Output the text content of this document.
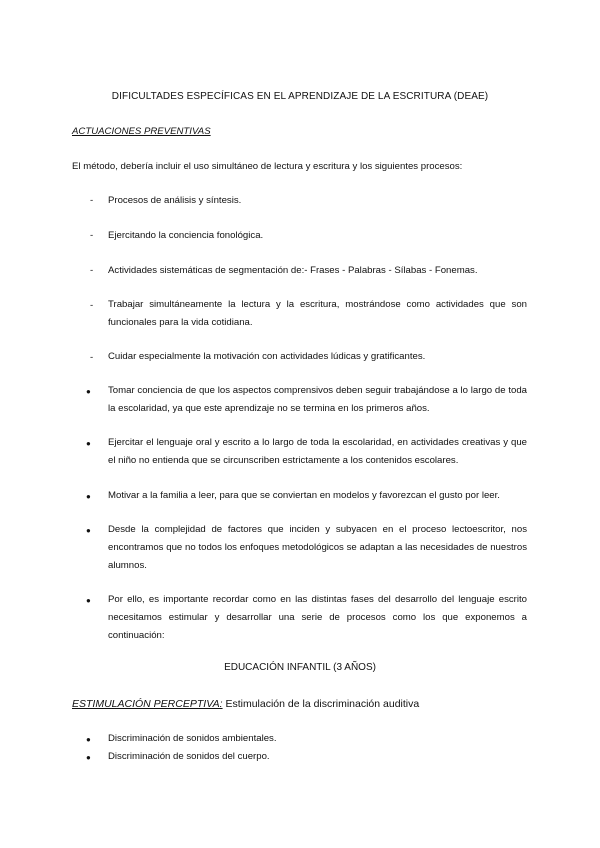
DIFICULTADES ESPECÍFICAS EN EL APRENDIZAJE DE LA ESCRITURA (DEAE)
ACTUACIONES PREVENTIVAS
El método, debería incluir el uso simultáneo de lectura y escritura y los siguientes procesos:
- Procesos de análisis y síntesis.
- Ejercitando la conciencia fonológica.
- Actividades sistemáticas de segmentación de:- Frases - Palabras - Sílabas - Fonemas.
- Trabajar simultáneamente la lectura y la escritura, mostrándose como actividades que son funcionales para la vida cotidiana.
- Cuidar especialmente la motivación con actividades lúdicas y gratificantes.
● Tomar conciencia de que los aspectos comprensivos deben seguir trabajándose a lo largo de toda la escolaridad, ya que este aprendizaje no se termina en los primeros años.
● Ejercitar el lenguaje oral y escrito a lo largo de toda la escolaridad, en actividades creativas y que el niño no entienda que se circunscriben estrictamente a los contenidos escolares.
● Motivar a la familia a leer, para que se conviertan en modelos y favorezcan el gusto por leer.
● Desde la complejidad de factores que inciden y subyacen en el proceso lectoescritor, nos encontramos que no todos los enfoques metodológicos se adaptan a las necesidades de nuestros alumnos.
● Por ello, es importante recordar como en las distintas fases del desarrollo del lenguaje escrito necesitamos estimular y desarrollar una serie de procesos como los que exponemos a continuación:
EDUCACIÓN INFANTIL (3 AÑOS)
ESTIMULACIÓN PERCEPTIVA: Estimulación de la discriminación auditiva
● Discriminación de sonidos ambientales.
● Discriminación de sonidos del cuerpo.
